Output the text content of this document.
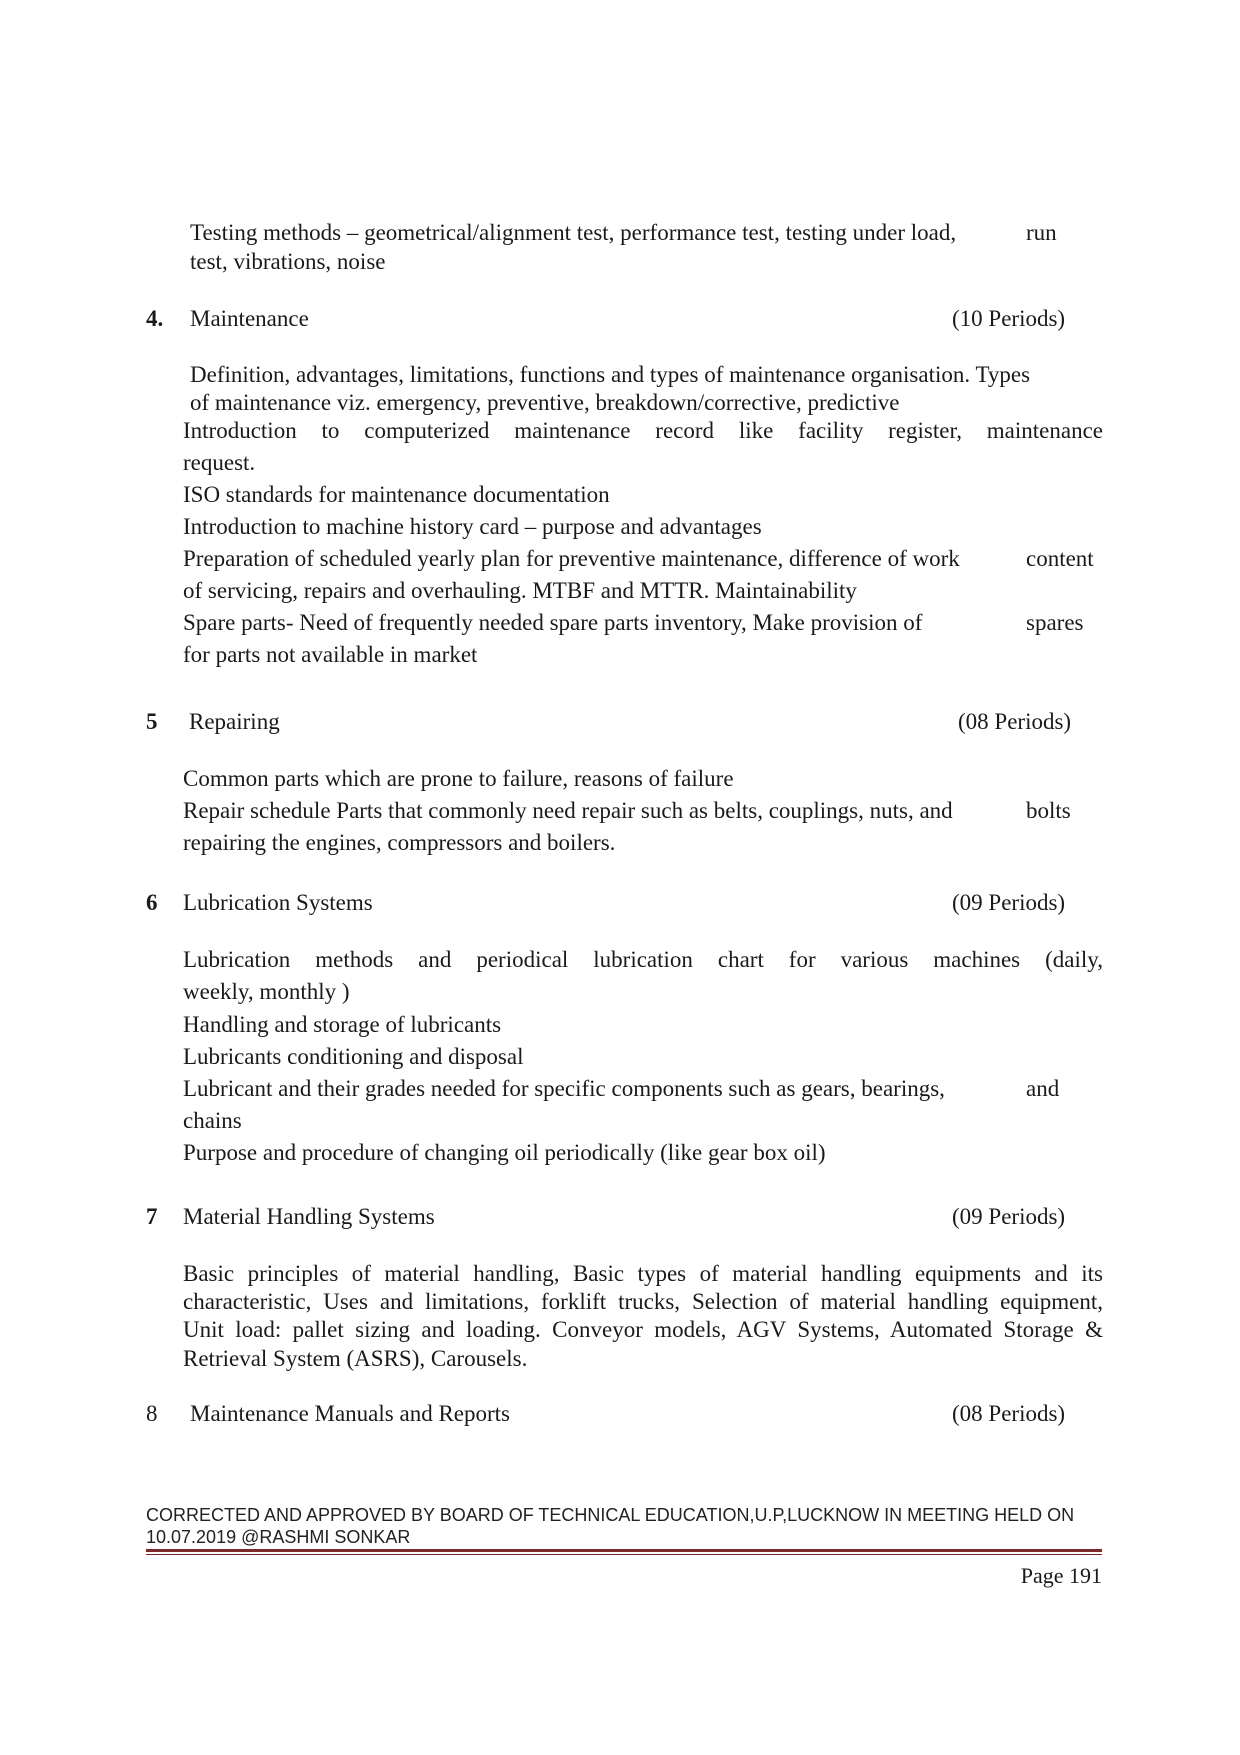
Testing methods – geometrical/alignment test, performance test, testing under load,	run
test, vibrations, noise
4. Maintenance	(10 Periods)
Definition, advantages, limitations, functions and types of maintenance organisation. Types
of maintenance viz. emergency, preventive, breakdown/corrective, predictive
Introduction to computerized maintenance record like facility register, maintenance
request.
ISO standards for maintenance documentation
Introduction to machine history card – purpose and advantages
Preparation of scheduled yearly plan for preventive maintenance, difference of work	content
of servicing, repairs and overhauling. MTBF and MTTR. Maintainability
Spare parts- Need of frequently needed spare parts inventory, Make provision of	spares
for parts not available in market
5 Repairing	(08 Periods)
Common parts which are prone to failure, reasons of failure
Repair schedule Parts that commonly need repair such as belts, couplings, nuts, and	bolts
repairing the engines, compressors and boilers.
6 Lubrication Systems	(09 Periods)
Lubrication methods and periodical lubrication chart for various machines (daily,
weekly, monthly )
Handling and storage of lubricants
Lubricants conditioning and disposal
Lubricant and their grades needed for specific components such as gears, bearings,	and
chains
Purpose and procedure of changing oil periodically (like gear box oil)
7 Material Handling Systems	(09 Periods)
Basic principles of material handling, Basic types of material handling equipments and its
characteristic, Uses and limitations, forklift trucks, Selection of material handling equipment,
Unit load: pallet sizing and loading. Conveyor models, AGV Systems, Automated Storage &
Retrieval System (ASRS), Carousels.
8 Maintenance Manuals and Reports	(08 Periods)
CORRECTED AND APPROVED BY BOARD OF TECHNICAL EDUCATION,U.P,LUCKNOW IN MEETING HELD ON
10.07.2019 @RASHMI SONKAR
Page 191
